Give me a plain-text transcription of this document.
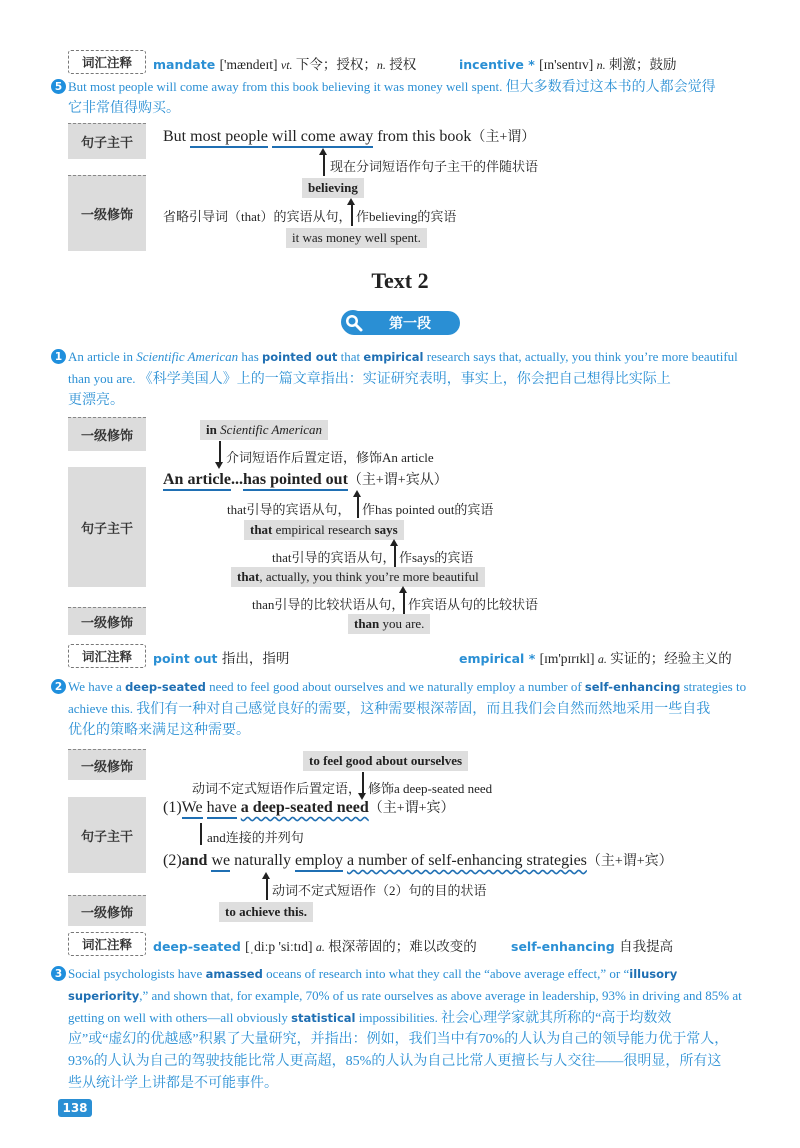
词汇注释	mandate ['mændeɪt] vt. 下令；授权；n. 授权	incentive * [ɪn'sentɪv] n. 刺激；鼓励
5 But most people will come away from this book believing it was money well spent. 但大多数看过这本书的人都会觉得
它非常值得购买。
句子主干
一级修饰
But most people will come away from this book（主+谓）
现在分词短语作句子主干的伴随状语
believing
省略引导词（that）的宾语从句， 作believing的宾语
it was money well spent.
Text 2
第一段
1 An article in Scientific American has pointed out that empirical research says that, actually, you think you’re more beautiful than you are. 《科学美国人》上的一篇文章指出：实证研究表明，事实上，你会把自己想得比实际上
更漂亮。
一级修饰
句子主干
一级修饰
in Scientific American
介词短语作后置定语，修饰An article
An article...has pointed out（主+谓+宾从）
that引导的宾语从句， 作has pointed out的宾语
that empirical research says
that引导的宾语从句， 作says的宾语
that, actually, you think you’re more beautiful
than引导的比较状语从句， 作宾语从句的比较状语
than you are.
词汇注释	point out 指出，指明	empirical * [ɪm'pɪrɪkl] a. 实证的；经验主义的
2 We have a deep-seated need to feel good about ourselves and we naturally employ a number of self-enhancing strategies to achieve this. 我们有一种对自己感觉良好的需要，这种需要根深蒂固，而且我们会自然而然地采用一些自我
优化的策略来满足这种需要。
一级修饰
句子主干
一级修饰
to feel good about ourselves
动词不定式短语作后置定语， 修饰a deep-seated need
(1)We have a deep-seated need（主+谓+宾）
and连接的并列句
(2)and we naturally employ a number of self-enhancing strategies（主+谓+宾）
动词不定式短语作（2）句的目的状语
to achieve this.
词汇注释	deep-seated [ˌdiːp 'siːtɪd] a. 根深蒂固的；难以改变的	self-enhancing 自我提高
3 Social psychologists have amassed oceans of research into what they call the “above average effect,” or “illusory superiority,” and shown that, for example, 70% of us rate ourselves as above average in leadership, 93% in driving and 85% at getting on well with others—all obviously statistical impossibilities. 社会心理学家就其所称的“高于均数效
应”或“虚幻的优越感”积累了大量研究，并指出：例如，我们当中有70%的人认为自己的领导能力优于常人，
93%的人认为自己的驾驶技能比常人更高超，85%的人认为自己比常人更擅长与人交往——很明显，所有这
些从统计学上讲都是不可能事件。
138
